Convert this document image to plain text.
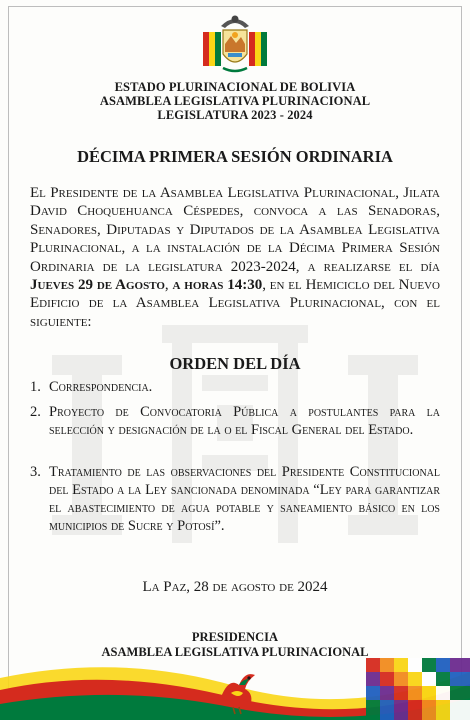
ESTADO PLURINACIONAL DE BOLIVIA
ASAMBLEA LEGISLATIVA PLURINACIONAL
LEGISLATURA 2023 - 2024
DÉCIMA PRIMERA SESIÓN ORDINARIA
El Presidente de la Asamblea Legislativa Plurinacional, Jilata David Choquehuanca Céspedes, convoca a las Senadoras, Senadores, Diputadas y Diputados de la Asamblea Legislativa Plurinacional, a la instalación de la Décima Primera Sesión Ordinaria de la legislatura 2023-2024, a realizarse el día Jueves 29 de Agosto, a horas 14:30, en el Hemiciclo del Nuevo Edificio de la Asamblea Legislativa Plurinacional, con el siguiente:
ORDEN DEL DÍA
1. Correspondencia.
2. Proyecto de Convocatoria Pública a postulantes para la selección y designación de la o el Fiscal General del Estado.
3. Tratamiento de las observaciones del Presidente Constitucional del Estado a la Ley sancionada denominada “Ley para garantizar el abastecimiento de agua potable y saneamiento básico en los municipios de Sucre y Potosí”.
La Paz, 28 de agosto de 2024
PRESIDENCIA
ASAMBLEA LEGISLATIVA PLURINACIONAL
